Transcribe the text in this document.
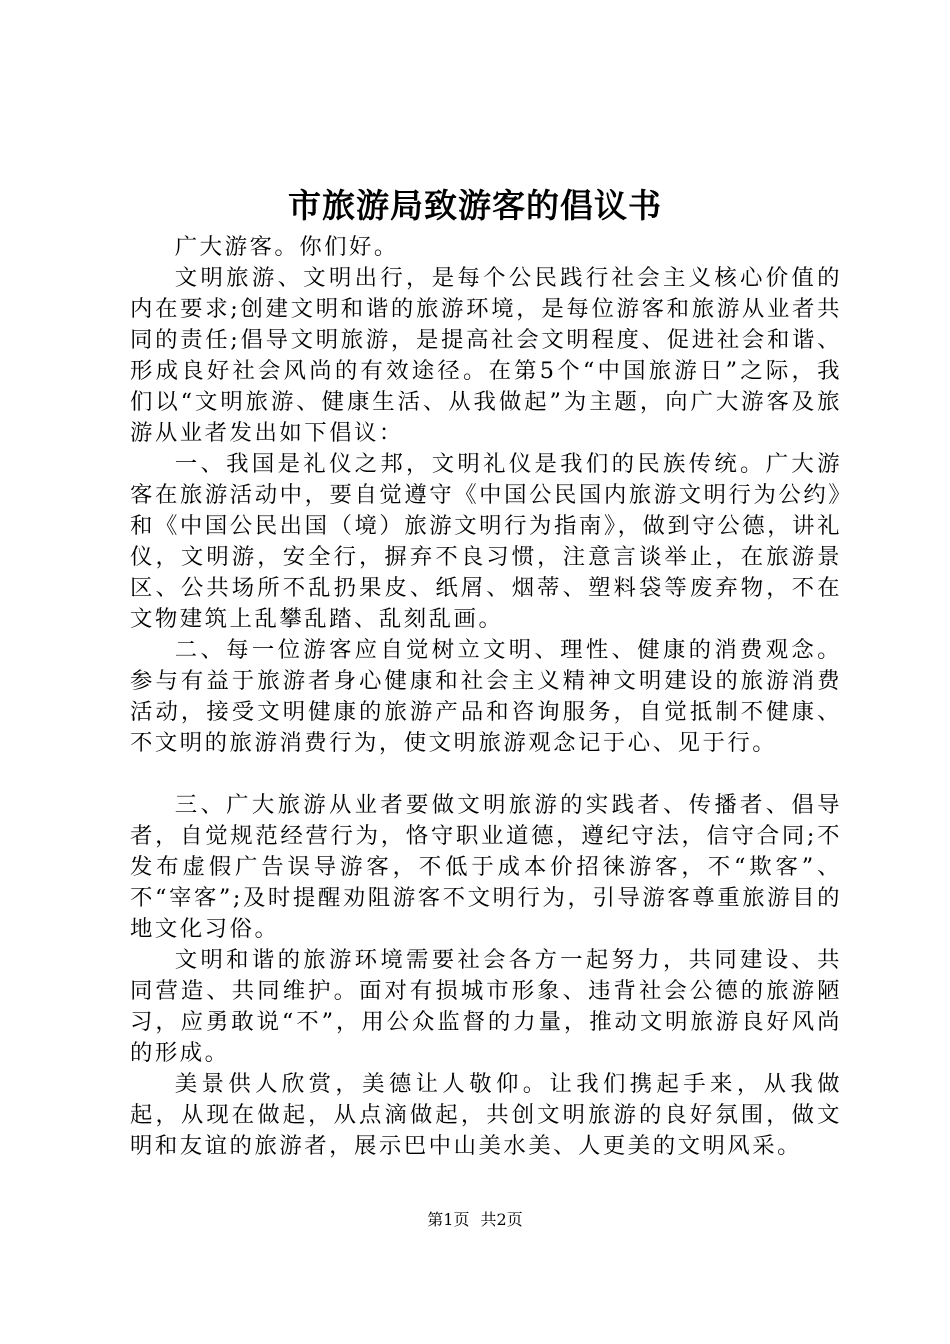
市旅游局致游客的倡议书

广大游客。你们好。

文明旅游、文明出行，是每个公民践行社会主义核心价值的内在要求;创建文明和谐的旅游环境，是每位游客和旅游从业者共同的责任;倡导文明旅游，是提高社会文明程度、促进社会和谐、形成良好社会风尚的有效途径。在第5个“中国旅游日”之际，我们以“文明旅游、健康生活、从我做起”为主题，向广大游客及旅游从业者发出如下倡议：

一、我国是礼仪之邦，文明礼仪是我们的民族传统。广大游客在旅游活动中，要自觉遵守《中国公民国内旅游文明行为公约》和《中国公民出国（境）旅游文明行为指南》，做到守公德，讲礼仪，文明游，安全行，摒弃不良习惯，注意言谈举止，在旅游景区、公共场所不乱扔果皮、纸屑、烟蒂、塑料袋等废弃物，不在文物建筑上乱攀乱踏、乱刻乱画。

二、每一位游客应自觉树立文明、理性、健康的消费观念。参与有益于旅游者身心健康和社会主义精神文明建设的旅游消费活动，接受文明健康的旅游产品和咨询服务，自觉抵制不健康、不文明的旅游消费行为，使文明旅游观念记于心、见于行。

三、广大旅游从业者要做文明旅游的实践者、传播者、倡导者，自觉规范经营行为，恪守职业道德，遵纪守法，信守合同;不发布虚假广告误导游客，不低于成本价招徕游客，不“欺客”、不“宰客”;及时提醒劝阻游客不文明行为，引导游客尊重旅游目的地文化习俗。

文明和谐的旅游环境需要社会各方一起努力，共同建设、共同营造、共同维护。面对有损城市形象、违背社会公德的旅游陋习，应勇敢说“不”，用公众监督的力量，推动文明旅游良好风尚的形成。

美景供人欣赏，美德让人敬仰。让我们携起手来，从我做起，从现在做起，从点滴做起，共创文明旅游的良好氛围，做文明和友谊的旅游者，展示巴中山美水美、人更美的文明风采。

第1页 共2页
